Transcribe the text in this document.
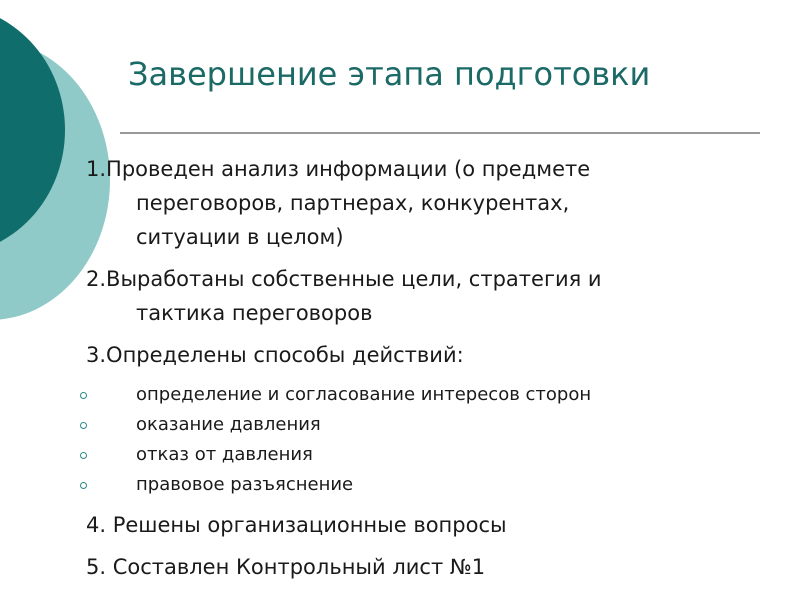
Завершение этапа подготовки
1.Проведен анализ информации (о предмете

переговоров, партнерах, конкурентах,
ситуации в целом)
2.Выработаны собственные цели, стратегия и

тактика переговоров
3.Определены способы действий:
определение и согласование интересов сторон
оказание давления
отказ от давления
правовое разъяснение
4. Решены организационные вопросы
5. Составлен Контрольный лист №1
